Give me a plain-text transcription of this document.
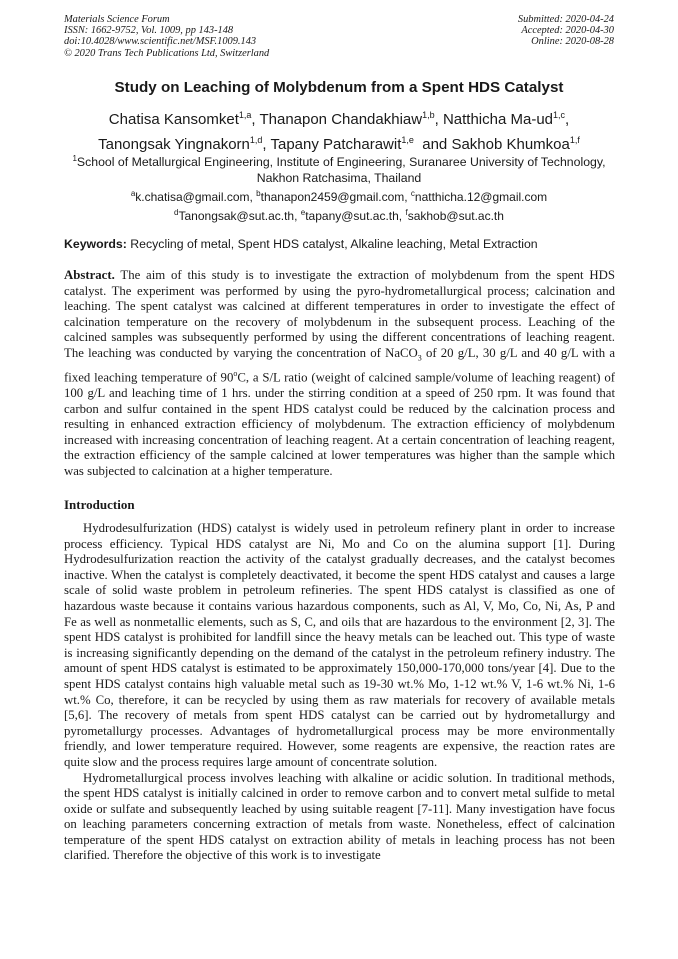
Materials Science Forum
ISSN: 1662-9752, Vol. 1009, pp 143-148
doi:10.4028/www.scientific.net/MSF.1009.143
© 2020 Trans Tech Publications Ltd, Switzerland
Submitted: 2020-04-24
Accepted: 2020-04-30
Online: 2020-08-28
Study on Leaching of Molybdenum from a Spent HDS Catalyst
Chatisa Kansomket$^{1,a}$, Thanapon Chandakhiaw$^{1,b}$, Natthicha Ma-ud$^{1,c}$,
Tanongsak Yingnakorn$^{1,d}$, Tapany Patcharawit$^{1,e}$  and Sakhob Khumkoa$^{1,f}$
$^1$School of Metallurgical Engineering, Institute of Engineering, Suranaree University of Technology,
Nakhon Ratchasima, Thailand
$^a$k.chatisa@gmail.com, $^b$thanapon2459@gmail.com, $^c$natthicha.12@gmail.com
$^d$Tanongsak@sut.ac.th, $^e$tapany@sut.ac.th, $^f$sakhob@sut.ac.th
Keywords: Recycling of metal, Spent HDS catalyst, Alkaline leaching, Metal Extraction

Abstract. The aim of this study is to investigate the extraction of molybdenum from the spent HDS catalyst. The experiment was performed by using the pyro-hydrometallurgical process; calcination and leaching. The spent catalyst was calcined at different temperatures in order to investigate the effect of calcination temperature on the recovery of molybdenum in the subsequent process. Leaching of the calcined samples was subsequently performed by using the different concentrations of leaching reagent. The leaching was conducted by varying the concentration of NaCO$_3$ of 20 g/L, 30 g/L and 40 g/L with a fixed leaching temperature of 90$^o$C, a S/L ratio (weight of calcined sample/volume of leaching reagent) of 100 g/L and leaching time of 1 hrs. under the stirring condition at a speed of 250 rpm. It was found that carbon and sulfur contained in the spent HDS catalyst could be reduced by the calcination process and resulting in enhanced extraction efficiency of molybdenum. The extraction efficiency of molybdenum increased with increasing concentration of leaching reagent. At a certain concentration of leaching reagent, the extraction efficiency of the sample calcined at lower temperatures was higher than the sample which was subjected to calcination at a higher temperature.

Introduction

Hydrodesulfurization (HDS) catalyst is widely used in petroleum refinery plant in order to increase process efficiency. Typical HDS catalyst are Ni, Mo and Co on the alumina support [1]. During Hydrodesulfurization reaction the activity of the catalyst gradually decreases, and the catalyst becomes inactive. When the catalyst is completely deactivated, it become the spent HDS catalyst and causes a large scale of solid waste problem in petroleum refineries. The spent HDS catalyst is classified as one of hazardous waste because it contains various hazardous components, such as Al, V, Mo, Co, Ni, As, P and Fe as well as nonmetallic elements, such as S, C, and oils that are hazardous to the environment [2, 3]. The spent HDS catalyst is prohibited for landfill since the heavy metals can be leached out. This type of waste is increasing significantly depending on the demand of the catalyst in the petroleum refinery industry. The amount of spent HDS catalyst is estimated to be approximately 150,000-170,000 tons/year [4]. Due to the spent HDS catalyst contains high valuable metal such as 19-30 wt.% Mo, 1-12 wt.% V, 1-6 wt.% Ni, 1-6 wt.% Co, therefore, it can be recycled by using them as raw materials for recovery of available metals [5,6]. The recovery of metals from spent HDS catalyst can be carried out by hydrometallurgy and pyrometallurgy processes. Advantages of hydrometallurgical process may be more environmentally friendly, and lower temperature required. However, some reagents are expensive, the reaction rates are quite slow and the process requires large amount of concentrate solution.

Hydrometallurgical process involves leaching with alkaline or acidic solution. In traditional methods, the spent HDS catalyst is initially calcined in order to remove carbon and to convert metal sulfide to metal oxide or sulfate and subsequently leached by using suitable reagent [7-11]. Many investigation have focus on leaching parameters concerning extraction of metals from waste. Nonetheless, effect of calcination temperature of the spent HDS catalyst on extraction ability of metals in leaching process has not been clarified. Therefore the objective of this work is to investigate
